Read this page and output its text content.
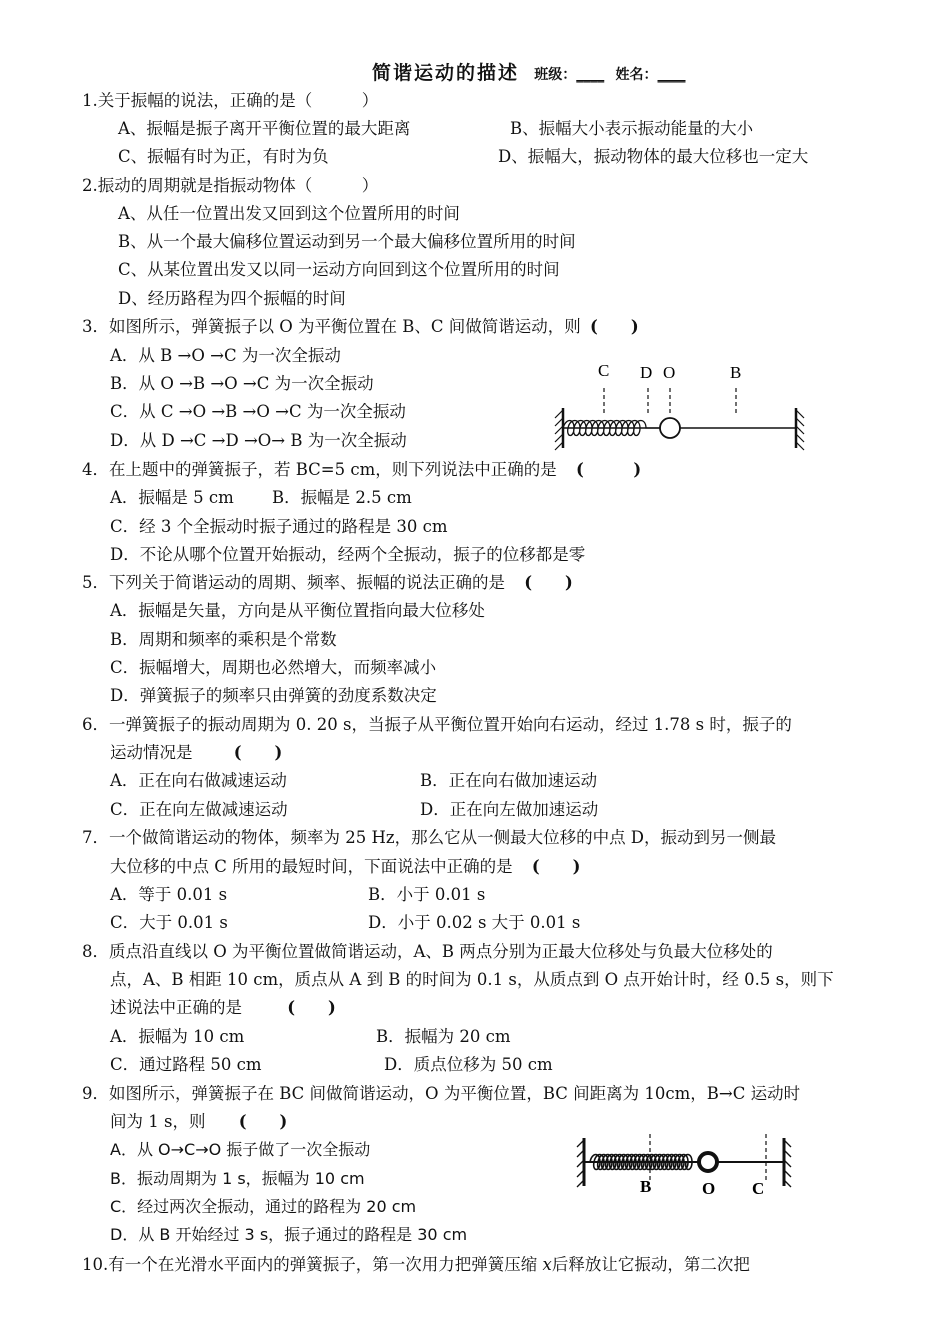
简谐运动的描述 班级：____ 姓名：____
1.关于振幅的说法，正确的是（　　　）
A、振幅是振子离开平衡位置的最大距离	B、振幅大小表示振动能量的大小
C、振幅有时为正，有时为负	D、振幅大，振动物体的最大位移也一定大
2.振动的周期就是指振动物体（　　　）
A、从任一位置出发又回到这个位置所用的时间
B、从一个最大偏移位置运动到另一个最大偏移位置所用的时间
C、从某位置出发又以同一运动方向回到这个位置所用的时间
D、经历路程为四个振幅的时间
3．如图所示，弹簧振子以 O 为平衡位置在 B、C 间做简谐运动，则 (　　)
A．从 B →O →C 为一次全振动
B．从 O →B →O →C 为一次全振动
C．从 C →O →B →O →C 为一次全振动
D．从 D →C →D →O→ B 为一次全振动
C D O	B
4．在上题中的弹簧振子，若 BC=5 cm，则下列说法中正确的是 (　　　)
A．振幅是 5 cm B．振幅是 2.5 cm
C．经 3 个全振动时振子通过的路程是 30 cm
D．不论从哪个位置开始振动，经两个全振动，振子的位移都是零
5．下列关于简谐运动的周期、频率、振幅的说法正确的是 (　　)
A．振幅是矢量，方向是从平衡位置指向最大位移处
B．周期和频率的乘积是个常数
C．振幅增大，周期也必然增大，而频率减小
D．弹簧振子的频率只由弹簧的劲度系数决定
6．一弹簧振子的振动周期为 0. 20 s，当振子从平衡位置开始向右运动，经过 1.78 s 时，振子的
运动情况是	(　　)
A．正在向右做减速运动	B．正在向右做加速运动
C．正在向左做减速运动	D．正在向左做加速运动
7．一个做简谐运动的物体，频率为 25 Hz，那么它从一侧最大位移的中点 D，振动到另一侧最
大位移的中点 C 所用的最短时间，下面说法中正确的是 (　　)
A．等于 0.01 s	B．小于 0.01 s
C．大于 0.01 s	D．小于 0.02 s 大于 0.01 s
8．质点沿直线以 O 为平衡位置做简谐运动，A、B 两点分别为正最大位移处与负最大位移处的
点，A、B 相距 10 cm，质点从 A 到 B 的时间为 0.1 s，从质点到 O 点开始计时，经 0.5 s，则下
述说法中正确的是	(　　)
A．振幅为 10 cm	B．振幅为 20 cm
C．通过路程 50 cm	D．质点位移为 50 cm
9．如图所示，弹簧振子在 BC 间做简谐运动，O 为平衡位置，BC 间距离为 10cm，B→C 运动时
间为 1 s，则 (　　)
A．从 O→C→O 振子做了一次全振动
B．振动周期为 1 s，振幅为 10 cm
C．经过两次全振动，通过的路程为 20 cm
D．从 B 开始经过 3 s，振子通过的路程是 30 cm
B	O C
10.有一个在光滑水平面内的弹簧振子，第一次用力把弹簧压缩 x后释放让它振动，第二次把
